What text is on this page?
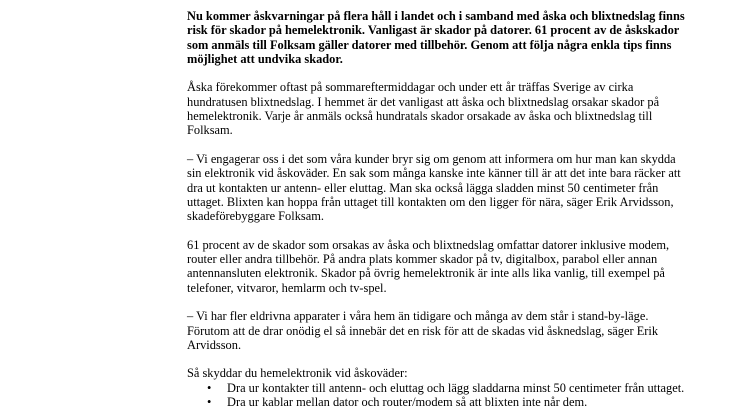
Nu kommer åskvarningar på flera håll i landet och i samband med åska och blixtnedslag finns risk för skador på hemelektronik. Vanligast är skador på datorer. 61 procent av de åskskador som anmäls till Folksam gäller datorer med tillbehör. Genom att följa några enkla tips finns möjlighet att undvika skador.

Åska förekommer oftast på sommareftermiddagar och under ett år träffas Sverige av cirka hundratusen blixtnedslag. I hemmet är det vanligast att åska och blixtnedslag orsakar skador på hemelektronik. Varje år anmäls också hundratals skador orsakade av åska och blixtnedslag till Folksam.

– Vi engagerar oss i det som våra kunder bryr sig om genom att informera om hur man kan skydda sin elektronik vid åskoväder. En sak som många kanske inte känner till är att det inte bara räcker att dra ut kontakten ur antenn- eller eluttag. Man ska också lägga sladden minst 50 centimeter från uttaget. Blixten kan hoppa från uttaget till kontakten om den ligger för nära, säger Erik Arvidsson, skadeförebyggare Folksam.

61 procent av de skador som orsakas av åska och blixtnedslag omfattar datorer inklusive modem, router eller andra tillbehör. På andra plats kommer skador på tv, digitalbox, parabol eller annan antennansluten elektronik. Skador på övrig hemelektronik är inte alls lika vanlig, till exempel på telefoner, vitvaror, hemlarm och tv-spel.

– Vi har fler eldrivna apparater i våra hem än tidigare och många av dem står i stand-by-läge. Förutom att de drar onödig el så innebär det en risk för att de skadas vid åsknedslag, säger Erik Arvidsson.

Så skyddar du hemelektronik vid åskoväder:

• Dra ur kontakter till antenn- och eluttag och lägg sladdarna minst 50 centimeter från uttaget.
• Dra ur kablar mellan dator och router/modem så att blixten inte når dem.
